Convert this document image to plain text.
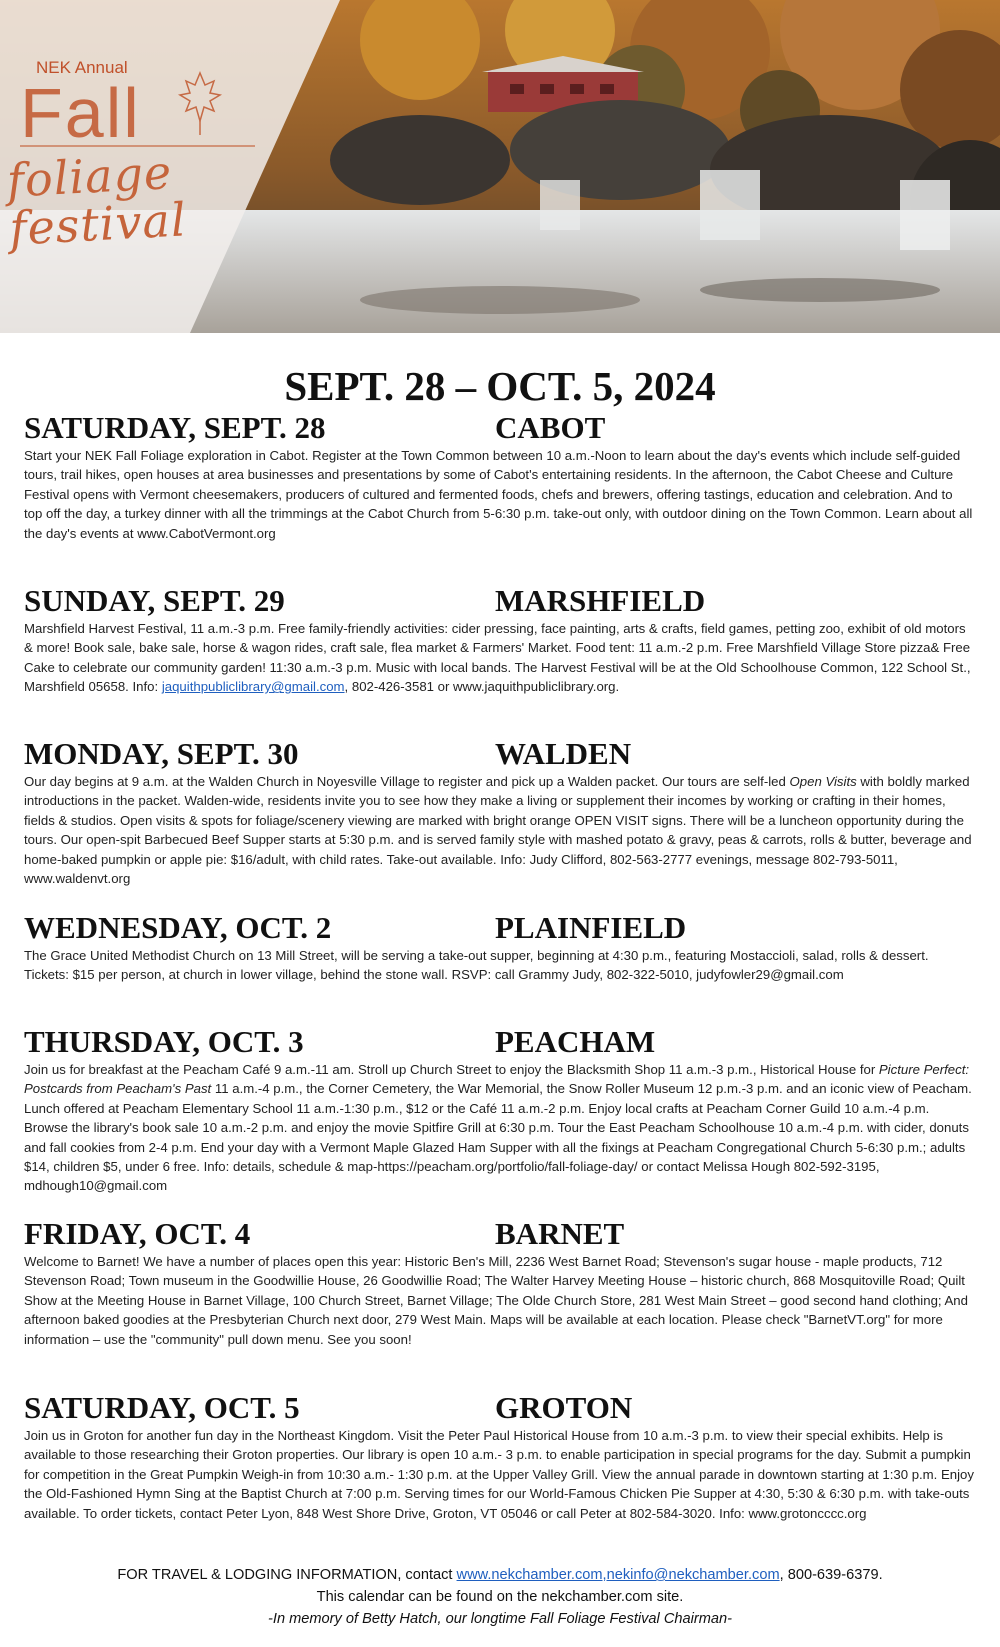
NEK Annual
Fall
foliage festival
SEPT. 28 – OCT. 5, 2024
SATURDAY, SEPT. 28	CABOT

Start your NEK Fall Foliage exploration in Cabot. Register at the Town Common between 10 a.m.-Noon to learn about the day's events which include self-guided tours, trail hikes, open houses at area businesses and presentations by some of Cabot's entertaining residents. In the afternoon, the Cabot Cheese and Culture Festival opens with Vermont cheesemakers, producers of cultured and fermented foods, chefs and brewers, offering tastings, education and celebration. And to top off the day, a turkey dinner with all the trimmings at the Cabot Church from 5-6:30 p.m. take-out only, with outdoor dining on the Town Common. Learn about all the day's events at www.CabotVermont.org

SUNDAY, SEPT. 29	MARSHFIELD

Marshfield Harvest Festival, 11 a.m.-3 p.m. Free family-friendly activities: cider pressing, face painting, arts & crafts, field games, petting zoo, exhibit of old motors & more! Book sale, bake sale, horse & wagon rides, craft sale, flea market & Farmers' Market. Food tent: 11 a.m.-2 p.m. Free Marshfield Village Store pizza& Free Cake to celebrate our community garden! 11:30 a.m.-3 p.m. Music with local bands. The Harvest Festival will be at the Old Schoolhouse Common, 122 School St., Marshfield 05658. Info: jaquithpubliclibrary@gmail.com, 802-426-3581 or www.jaquithpubliclibrary.org.

MONDAY, SEPT. 30	WALDEN

Our day begins at 9 a.m. at the Walden Church in Noyesville Village to register and pick up a Walden packet. Our tours are self-led Open Visits with boldly marked introductions in the packet. Walden-wide, residents invite you to see how they make a living or supplement their incomes by working or crafting in their homes, fields & studios. Open visits & spots for foliage/scenery viewing are marked with bright orange OPEN VISIT signs. There will be a luncheon opportunity during the tours. Our open-spit Barbecued Beef Supper starts at 5:30 p.m. and is served family style with mashed potato & gravy, peas & carrots, rolls & butter, beverage and home-baked pumpkin or apple pie: $16/adult, with child rates. Take-out available. Info: Judy Clifford, 802-563-2777 evenings, message 802-793-5011, www.waldenvt.org

WEDNESDAY, OCT. 2	PLAINFIELD

The Grace United Methodist Church on 13 Mill Street, will be serving a take-out supper, beginning at 4:30 p.m., featuring Mostaccioli, salad, rolls & dessert. Tickets: $15 per person, at church in lower village, behind the stone wall. RSVP: call Grammy Judy, 802-322-5010, judyfowler29@gmail.com

THURSDAY, OCT. 3	PEACHAM

Join us for breakfast at the Peacham Café 9 a.m.-11 am. Stroll up Church Street to enjoy the Blacksmith Shop 11 a.m.-3 p.m., Historical House for Picture Perfect: Postcards from Peacham's Past 11 a.m.-4 p.m., the Corner Cemetery, the War Memorial, the Snow Roller Museum 12 p.m.-3 p.m. and an iconic view of Peacham. Lunch offered at Peacham Elementary School 11 a.m.-1:30 p.m., $12 or the Café 11 a.m.-2 p.m. Enjoy local crafts at Peacham Corner Guild 10 a.m.-4 p.m. Browse the library's book sale 10 a.m.-2 p.m. and enjoy the movie Spitfire Grill at 6:30 p.m. Tour the East Peacham Schoolhouse 10 a.m.-4 p.m. with cider, donuts and fall cookies from 2-4 p.m. End your day with a Vermont Maple Glazed Ham Supper with all the fixings at Peacham Congregational Church 5-6:30 p.m.; adults $14, children $5, under 6 free. Info: details, schedule & map-https://peacham.org/portfolio/fall-foliage-day/ or contact Melissa Hough 802-592-3195, mdhough10@gmail.com

FRIDAY, OCT. 4	BARNET

Welcome to Barnet! We have a number of places open this year: Historic Ben's Mill, 2236 West Barnet Road; Stevenson's sugar house - maple products, 712 Stevenson Road; Town museum in the Goodwillie House, 26 Goodwillie Road; The Walter Harvey Meeting House – historic church, 868 Mosquitoville Road; Quilt Show at the Meeting House in Barnet Village, 100 Church Street, Barnet Village; The Olde Church Store, 281 West Main Street – good second hand clothing; And afternoon baked goodies at the Presbyterian Church next door, 279 West Main. Maps will be available at each location. Please check "BarnetVT.org" for more information – use the "community" pull down menu. See you soon!

SATURDAY, OCT. 5	GROTON

Join us in Groton for another fun day in the Northeast Kingdom. Visit the Peter Paul Historical House from 10 a.m.-3 p.m. to view their special exhibits. Help is available to those researching their Groton properties. Our library is open 10 a.m.- 3 p.m. to enable participation in special programs for the day. Submit a pumpkin for competition in the Great Pumpkin Weigh-in from 10:30 a.m.- 1:30 p.m. at the Upper Valley Grill. View the annual parade in downtown starting at 1:30 p.m. Enjoy the Old-Fashioned Hymn Sing at the Baptist Church at 7:00 p.m. Serving times for our World-Famous Chicken Pie Supper at 4:30, 5:30 & 6:30 p.m. with take-outs available. To order tickets, contact Peter Lyon, 848 West Shore Drive, Groton, VT 05046 or call Peter at 802-584-3020. Info: www.grotoncccc.org

FOR TRAVEL & LODGING INFORMATION, contact www.nekchamber.com,nekinfo@nekchamber.com, 800-639-6379.
This calendar can be found on the nekchamber.com site.
-In memory of Betty Hatch, our longtime Fall Foliage Festival Chairman-
